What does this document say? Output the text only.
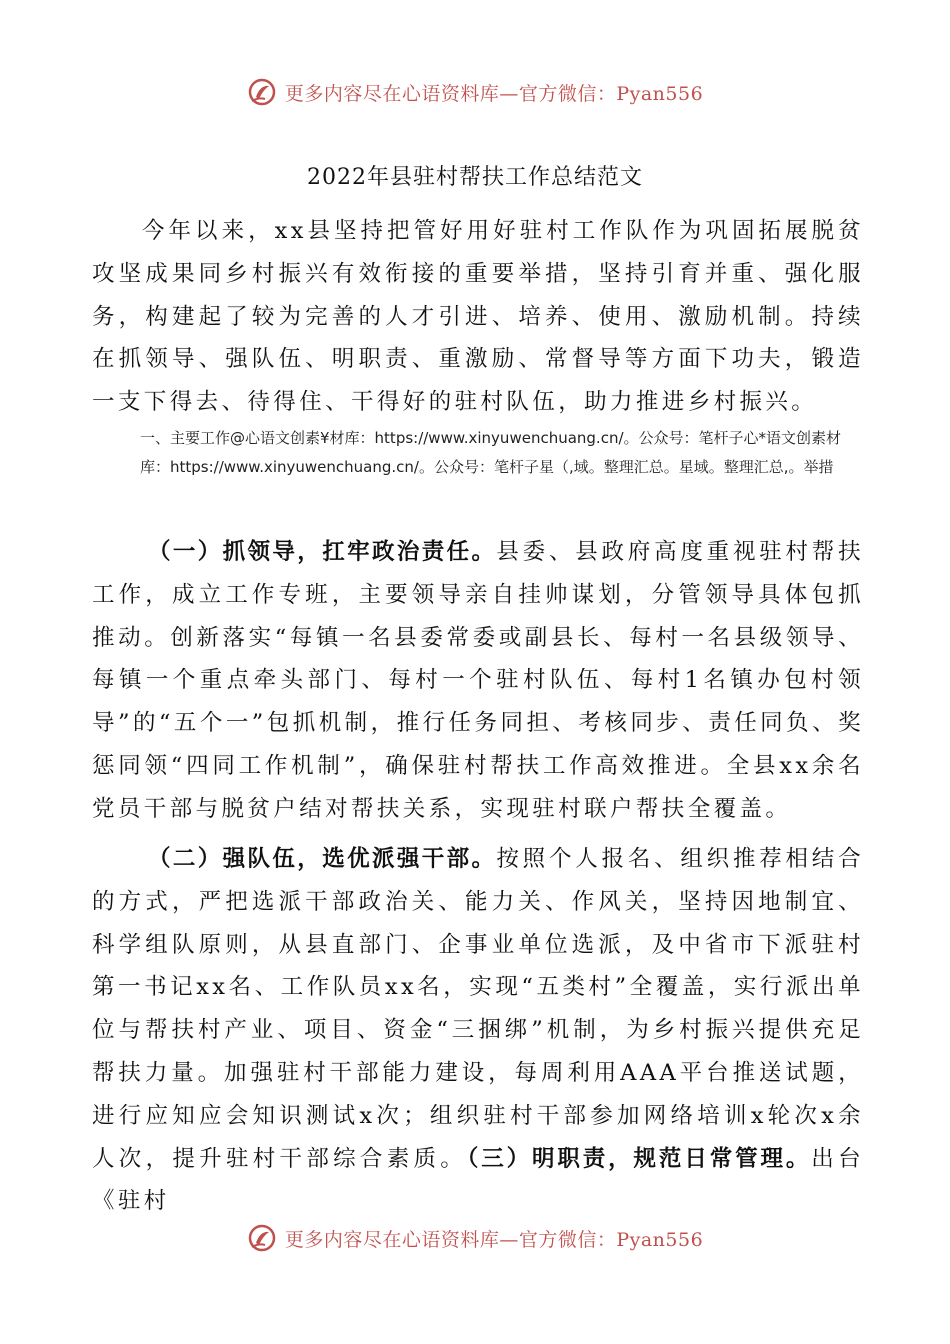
更多内容尽在心语资料库—官方微信：Pyan556
2022年县驻村帮扶工作总结范文
今年以来，xx县坚持把管好用好驻村工作队作为巩固拓展脱贫攻坚成果同乡村振兴有效衔接的重要举措，坚持引育并重、强化服务，构建起了较为完善的人才引进、培养、使用、激励机制。持续在抓领导、强队伍、明职责、重激励、常督导等方面下功夫，锻造一支下得去、待得住、干得好的驻村队伍，助力推进乡村振兴。
一、主要工作@心语文创素¥材库：https://www.xinyuwenchuang.cn/。公众号：笔杆子心*语文创素材库：https://www.xinyuwenchuang.cn/。公众号：笔杆子星（,域。整理汇总。星域。整理汇总,。举措
（一）抓领导，扛牢政治责任。县委、县政府高度重视驻村帮扶工作，成立工作专班，主要领导亲自挂帅谋划，分管领导具体包抓推动。创新落实“每镇一名县委常委或副县长、每村一名县级领导、每镇一个重点牵头部门、每村一个驻村队伍、每村1名镇办包村领导”的“五个一”包抓机制，推行任务同担、考核同步、责任同负、奖惩同领“四同工作机制”，确保驻村帮扶工作高效推进。全县xx余名党员干部与脱贫户结对帮扶关系，实现驻村联户帮扶全覆盖。
（二）强队伍，选优派强干部。按照个人报名、组织推荐相结合的方式，严把选派干部政治关、能力关、作风关，坚持因地制宜、科学组队原则，从县直部门、企事业单位选派，及中省市下派驻村第一书记xx名、工作队员xx名，实现“五类村”全覆盖，实行派出单位与帮扶村产业、项目、资金“三捆绑”机制，为乡村振兴提供充足帮扶力量。加强驻村干部能力建设，每周利用AAA平台推送试题，进行应知应会知识测试x次；组织驻村干部参加网络培训x轮次x余人次，提升驻村干部综合素质。（三）明职责，规范日常管理。出台《驻村
更多内容尽在心语资料库—官方微信：Pyan556
